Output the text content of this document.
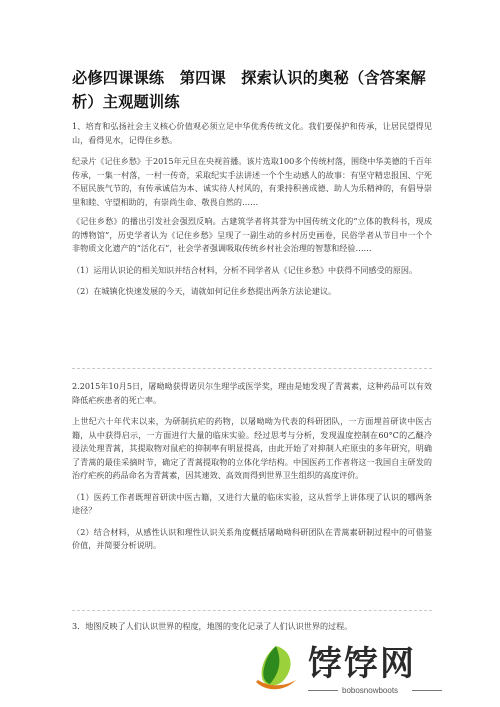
必修四课课练　第四课　探索认识的奥秘（含答案解析）主观题训练

1、培育和弘扬社会主义核心价值观必须立足中华优秀传统文化。我们要保护和传承，让居民望得见山，看得见水，记得住乡愁。

纪录片《记住乡愁》于2015年元旦在央视首播。该片选取100多个传统村落，围绕中华美德的千百年传承，一集一村落，一村一传奇，采取纪实手法讲述一个个生动感人的故事：有坚守精忠报国、宁死不屈民族气节的，有传承诚信为本、诚实待人村风的，有秉持积善成德、助人为乐精神的，有倡导崇里和睦、守望相助的，有崇尚生命、敬畏自然的……

《记住乡愁》的播出引发社会强烈反响。古建筑学者将其誉为中国传统文化的“立体的教科书，现成的博物馆”，历史学者认为《记住乡愁》呈现了一副生动的乡村历史画卷，民俗学者从节目中一个个非物质文化遗产的“活化石”，社会学者强调吸取传统乡村社会治理的智慧和经验……

（1）运用认识论的相关知识并结合材料，分析不同学者从《记住乡愁》中获得不同感受的原因。

（2）在城镇化快速发展的今天，请就如何记住乡愁提出两条方法论建议。

2.2015年10月5日，屠呦呦获得诺贝尔生理学或医学奖，理由是她发现了青蒿素，这种药品可以有效降低疟疾患者的死亡率。

上世纪六十年代末以来，为研制抗疟的药物，以屠呦呦为代表的科研团队，一方面埋首研读中医古籍，从中获得启示，一方面进行大量的临床实验。经过思考与分析，发现温度控制在60°C的乙醚冷浸法处理青蒿，其提取物对鼠疟的抑制率有明显提高，由此开始了对抑制人疟原虫的多年研究，明确了青蒿的最佳采摘时节，确定了青蒿提取物的立体化学结构。中国医药工作者将这一我国自主研发的治疗疟疾的药品命名为青蒿素，因其速效、高效而得到世界卫生组织的高度评价。

（1）医药工作者既埋首研读中医古籍，又进行大量的临床实验，这从哲学上讲体现了认识的哪两条途径？

（2）结合材料，从感性认识和理性认识关系角度概括屠呦呦科研团队在青蒿素研制过程中的可借鉴价值，并简要分析说明。

3．地图反映了人们认识世界的程度，地图的变化记录了人们认识世界的过程。

饽饽网
bobosnowboots
